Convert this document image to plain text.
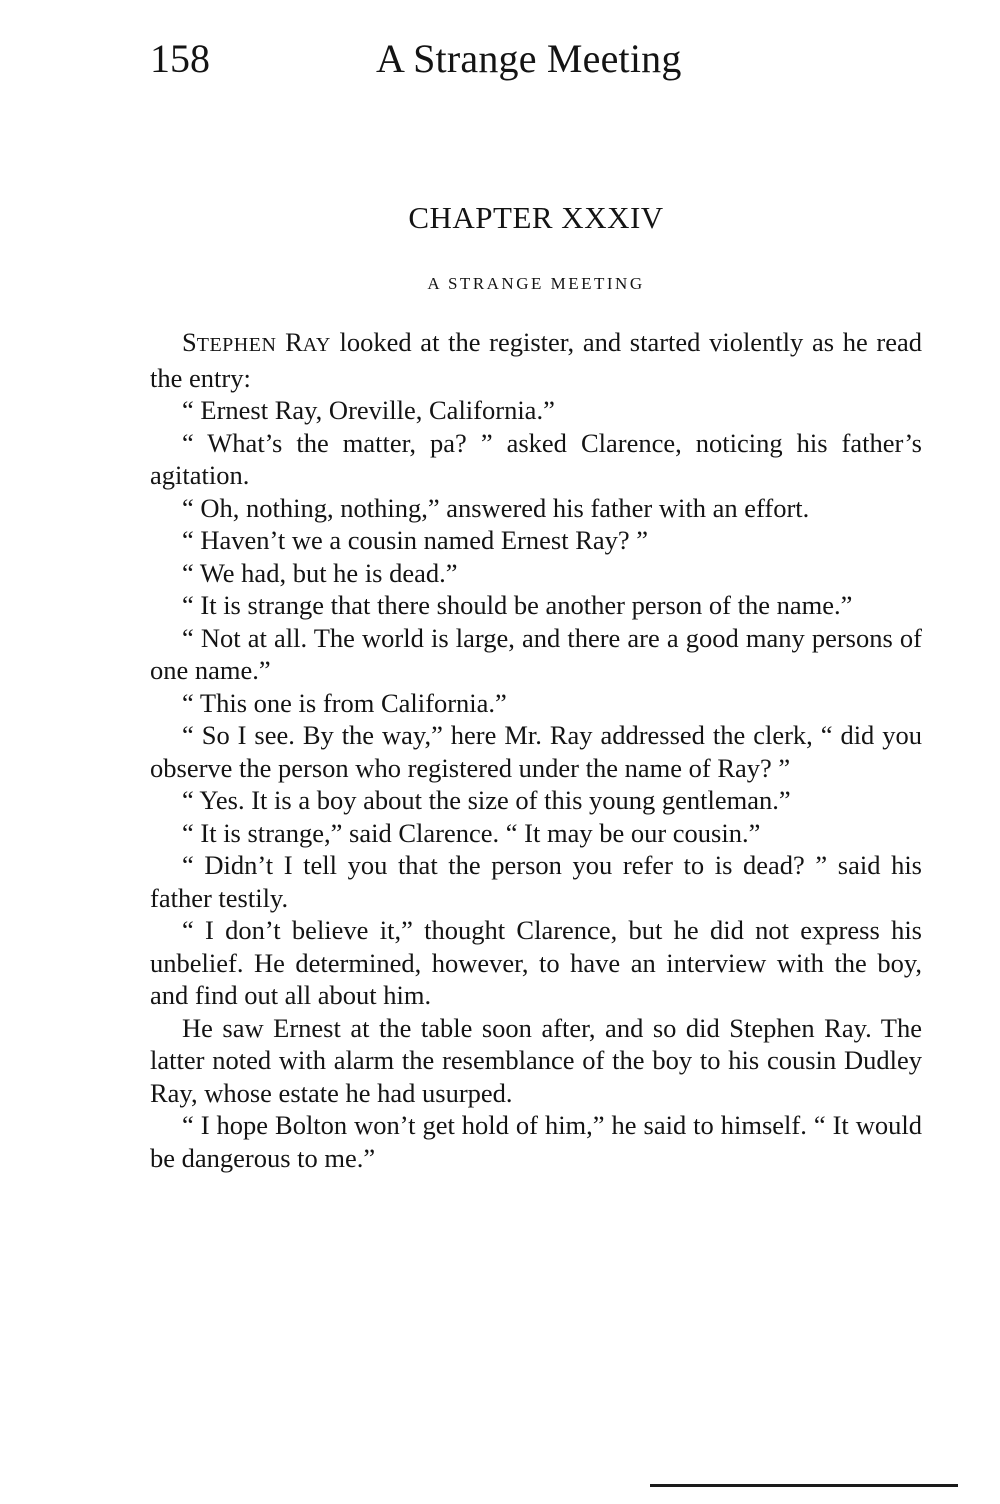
158	A Strange Meeting
CHAPTER XXXIV
A STRANGE MEETING

STEPHEN RAY looked at the register, and started violently as he read the entry:

“ Ernest Ray, Oreville, California.”

“ What’s the matter, pa? ” asked Clarence, noticing his father’s agitation.

“ Oh, nothing, nothing,” answered his father with an effort.

“ Haven’t we a cousin named Ernest Ray? ”

“ We had, but he is dead.”

“ It is strange that there should be another person of the name.”

“ Not at all. The world is large, and there are a good many persons of one name.”

“ This one is from California.”

“ So I see. By the way,” here Mr. Ray addressed the clerk, “ did you observe the person who registered under the name of Ray? ”

“ Yes. It is a boy about the size of this young gentleman.”

“ It is strange,” said Clarence. “ It may be our cousin.”

“ Didn’t I tell you that the person you refer to is dead? ” said his father testily.

“ I don’t believe it,” thought Clarence, but he did not express his unbelief. He determined, however, to have an interview with the boy, and find out all about him.

He saw Ernest at the table soon after, and so did Stephen Ray. The latter noted with alarm the resemblance of the boy to his cousin Dudley Ray, whose estate he had usurped.

“ I hope Bolton won’t get hold of him,” he said to himself. “ It would be dangerous to me.”
